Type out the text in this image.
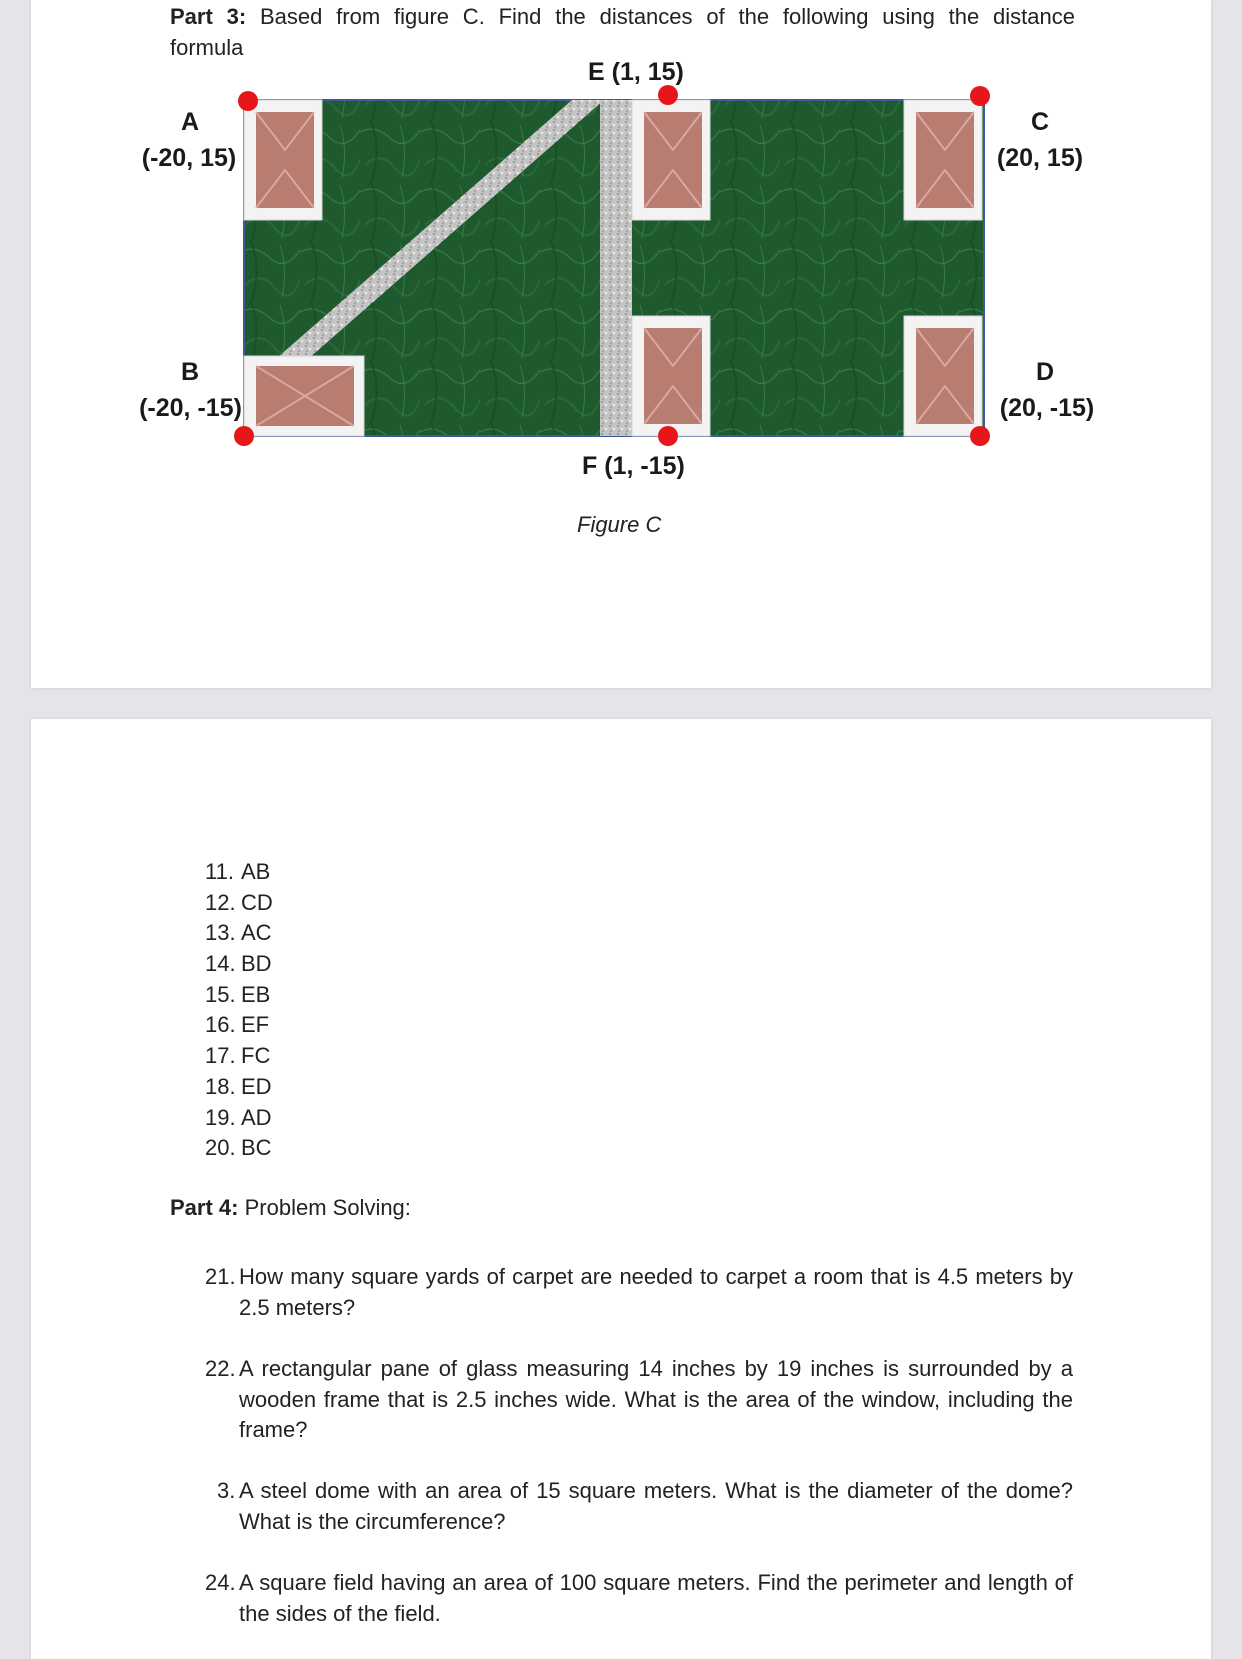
Part 3: Based from figure C. Find the distances of the following using the distance
formula
E (1, 15)
A
(-20, 15)
C
(20, 15)
B
(-20, -15)
D
(20, -15)
F (1, -15)
Figure C
11. AB
12. CD
13. AC
14. BD
15. EB
16. EF
17. FC
18. ED
19. AD
20. BC
Part 4: Problem Solving:
21. How many square yards of carpet are needed to carpet a room that is 4.5 meters by 2.5 meters?
22. A rectangular pane of glass measuring 14 inches by 19 inches is surrounded by a wooden frame that is 2.5 inches wide. What is the area of the window, including the frame?
3. A steel dome with an area of 15 square meters. What is the diameter of the dome? What is the circumference?
24. A square field having an area of 100 square meters. Find the perimeter and length of the sides of the field.
